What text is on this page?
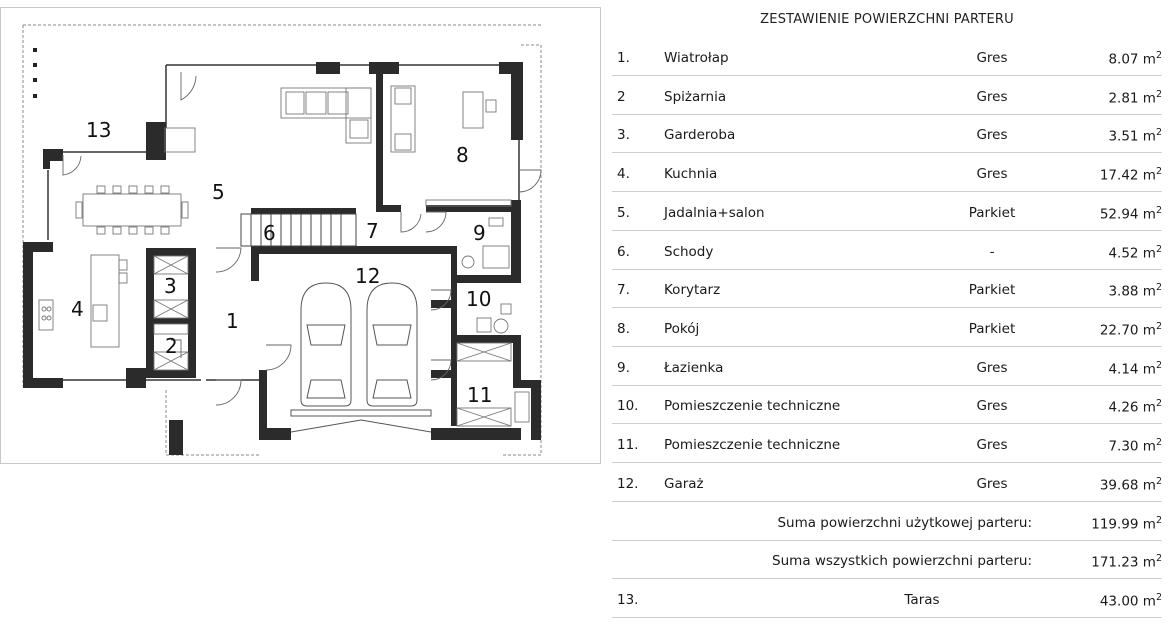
1
2
3
4
5
6	7
8
9
10
11
12
13
ZESTAWIENIE POWIERZCHNI PARTERU
1.	Wiatrołap	Gres	8.07 $m^2$
2	Spiżarnia	Gres	2.81 $m^2$
3.	Garderoba	Gres	3.51 $m^2$
4.	Kuchnia	Gres	17.42 $m^2$
5.	Jadalnia+salon	Parkiet	52.94 $m^2$
6.	Schody	-	4.52 $m^2$
7.	Korytarz	Parkiet	3.88 $m^2$
8.	Pokój	Parkiet	22.70 $m^2$
9.	Łazienka	Gres	4.14 $m^2$
10. Pomieszczenie techniczne	Gres	4.26 $m^2$
11. Pomieszczenie techniczne	Gres	7.30 $m^2$
12. Garaż	Gres	39.68 $m^2$
Suma powierzchni użytkowej parteru:	119.99 $m^2$
Suma wszystkich powierzchni parteru:	171.23 $m^2$
13.	Taras	43.00 $m^2$
